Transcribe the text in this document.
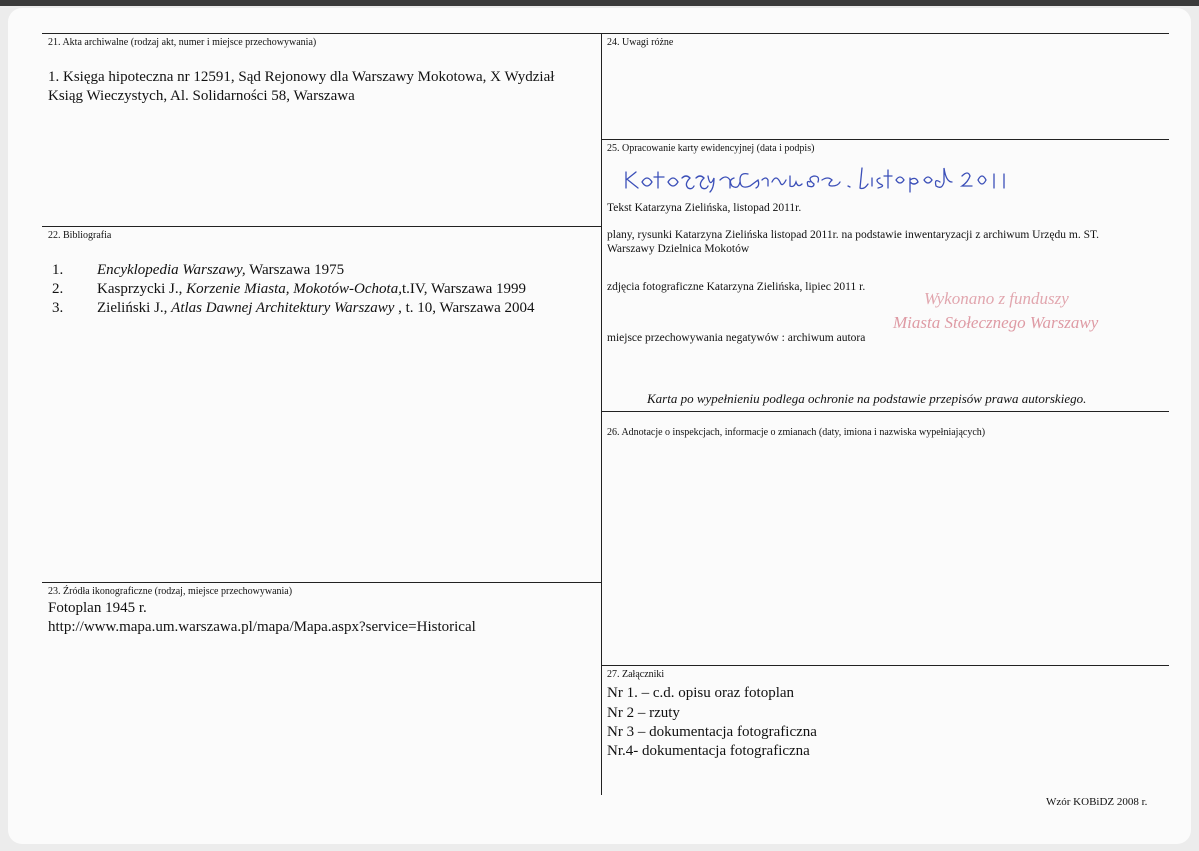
21. Akta archiwalne (rodzaj akt, numer i miejsce przechowywania)
1. Księga hipoteczna nr 12591, Sąd Rejonowy dla Warszawy Mokotowa, X Wydział
Ksiąg Wieczystych, Al. Solidarności 58, Warszawa
22. Bibliografia
1. Encyklopedia Warszawy, Warszawa 1975
2. Kasprzycki J., Korzenie Miasta, Mokotów-Ochota,t.IV, Warszawa 1999
3. Zieliński J., Atlas Dawnej Architektury Warszawy , t. 10, Warszawa 2004
23. Źródła ikonograficzne (rodzaj, miejsce przechowywania)
Fotoplan 1945 r.
http://www.mapa.um.warszawa.pl/mapa/Mapa.aspx?service=Historical
24. Uwagi różne
25. Opracowanie karty ewidencyjnej (data i podpis)
Tekst Katarzyna Zielińska, listopad 2011r.
plany, rysunki Katarzyna Zielińska listopad 2011r. na podstawie inwentaryzacji z archiwum Urzędu m. ST.
Warszawy Dzielnica Mokotów
zdjęcia fotograficzne Katarzyna Zielińska, lipiec 2011 r.
miejsce przechowywania negatywów : archiwum autora
Wykonano z funduszy
Miasta Stołecznego Warszawy
Karta po wypełnieniu podlega ochronie na podstawie przepisów prawa autorskiego.
26. Adnotacje o inspekcjach, informacje o zmianach (daty, imiona i nazwiska wypełniających)
27. Załączniki
Nr 1. – c.d. opisu oraz fotoplan
Nr 2 – rzuty
Nr 3 – dokumentacja fotograficzna
Nr.4- dokumentacja fotograficzna
Wzór KOBiDZ 2008 r.
